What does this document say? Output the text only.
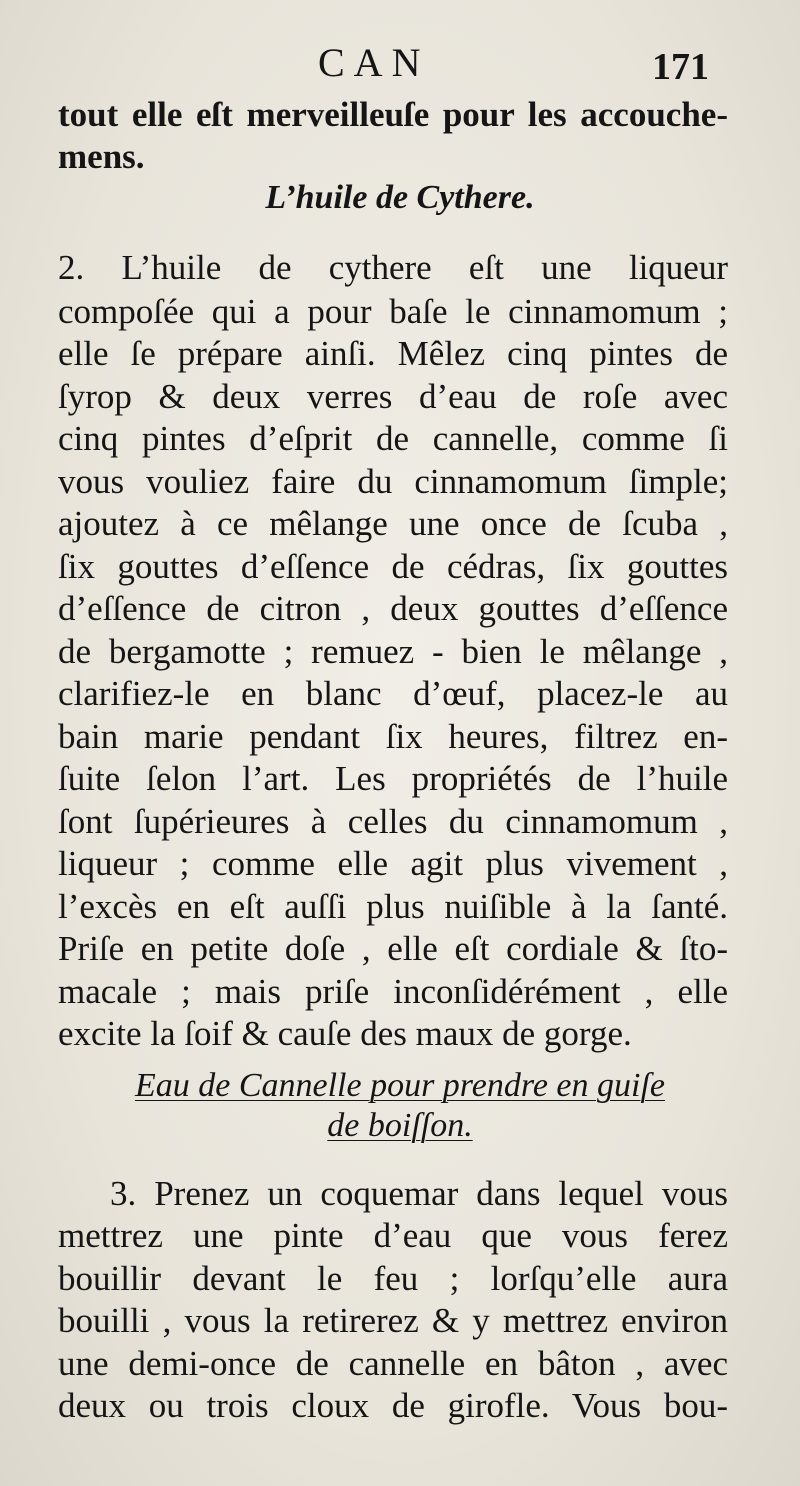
CAN	171
tout elle eſt merveilleuſe pour les accouche-
mens.
L’huile de Cythere.
2. L’huile de cythere eſt une liqueur
compoſée qui a pour baſe le cinnamomum ;
elle ſe prépare ainſi. Mêlez cinq pintes de
ſyrop & deux verres d’eau de roſe avec
cinq pintes d’eſprit de cannelle, comme ſi
vous vouliez faire du cinnamomum ſimple;
ajoutez à ce mêlange une once de ſcuba ,
ſix gouttes d’eſſence de cédras, ſix gouttes
d’eſſence de citron , deux gouttes d’eſſence
de bergamotte ; remuez - bien le mêlange ,
clarifiez-le en blanc d’œuf, placez-le au
bain marie pendant ſix heures, filtrez en-
ſuite ſelon l’art. Les propriétés de l’huile
ſont ſupérieures à celles du cinnamomum ,
liqueur ; comme elle agit plus vivement ,
l’excès en eſt auſſi plus nuiſible à la ſanté.
Priſe en petite doſe , elle eſt cordiale & ſto-
macale ; mais priſe inconſidérément , elle
excite la ſoif & cauſe des maux de gorge.
Eau de Cannelle pour prendre en guiſe
de boiſſon.
3. Prenez un coquemar dans lequel vous
mettrez une pinte d’eau que vous ferez
bouillir devant le feu ; lorſqu’elle aura
bouilli , vous la retirerez & y mettrez environ
une demi-once de cannelle en bâton , avec
deux ou trois cloux de girofle. Vous bou-
